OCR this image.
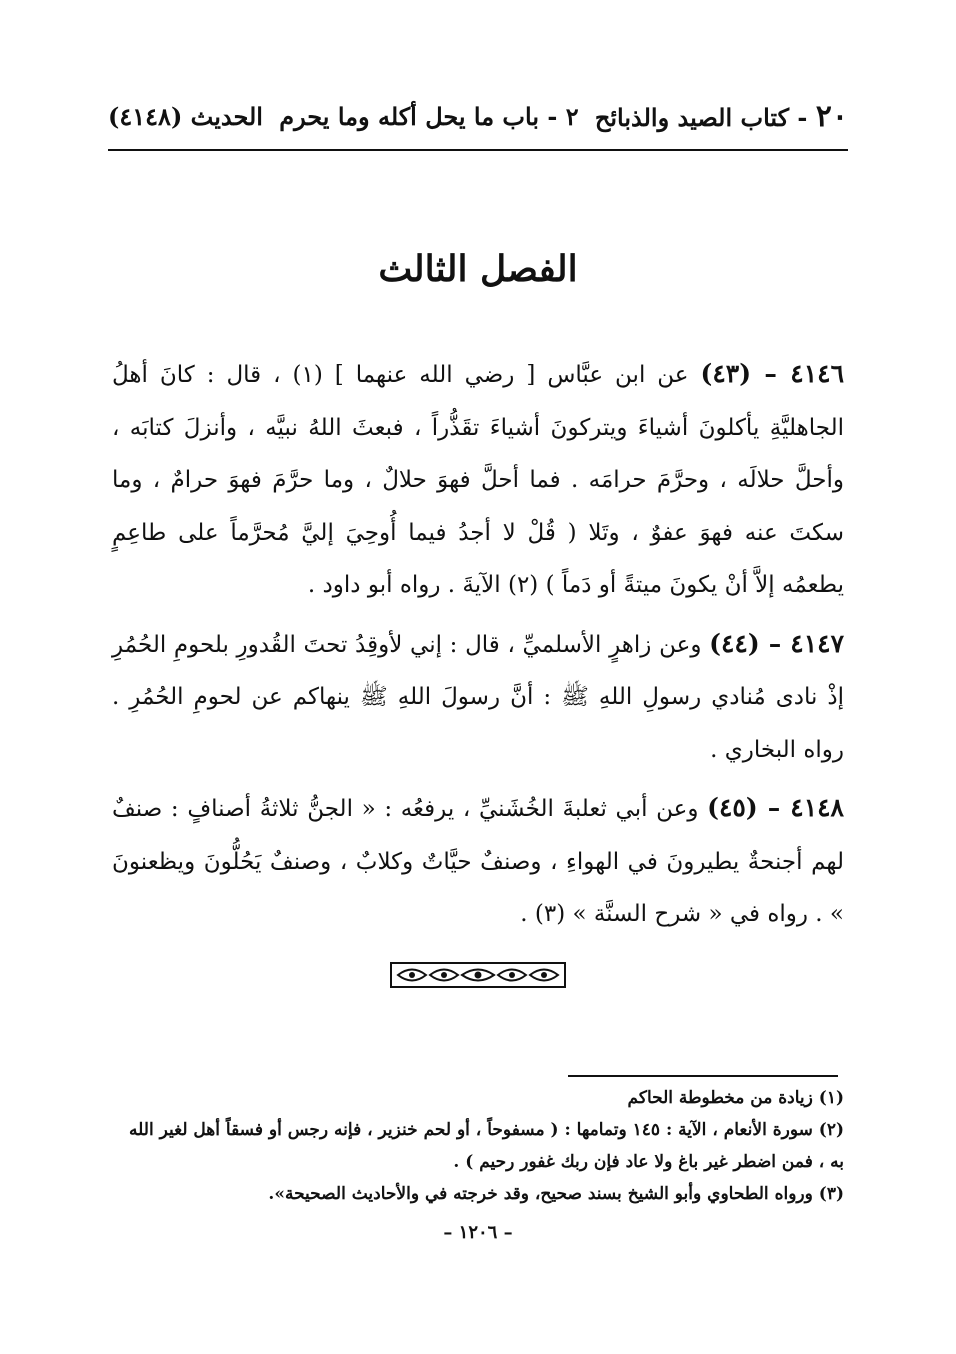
٢٠ - كتاب الصيد والذبائح
٢ - باب ما يحل أكله وما يحرم
الحديث (٤١٤٨)
الفصل الثالث

٤١٤٦ – (٤٣) عن ابن عبَّاس [ رضي الله عنهما ] (١) ، قال : كانَ أهلُ الجاهليَّةِ يأكلونَ أشياءَ ويتركونَ أشياءَ تقَذُّراً ، فبعثَ اللهُ نبيَّه ، وأنزلَ كتابَه ، وأحلَّ حلالَه ، وحرَّمَ حرامَه . فما أحلَّ فهوَ حلالٌ ، وما حرَّمَ فهوَ حرامٌ ، وما سكتَ عنه فهوَ عفوٌ ، وتَلا ( قُلْ لا أجدُ فيما أُوحِيَ إليَّ مُحرَّماً على طاعِمٍ يطعمُه إلاَّ أنْ يكونَ ميتةً أو دَماً ) (٢) الآيةَ . رواه أبو داود .

٤١٤٧ – (٤٤) وعن زاهرٍ الأسلميِّ ، قال : إني لأوقِدُ تحتَ القُدورِ بلحومِ الحُمُرِ إذْ نادى مُنادي رسولِ اللهِ ﷺ : أنَّ رسولَ اللهِ ﷺ ينهاكم عن لحومِ الحُمُرِ . رواه البخاري .

٤١٤٨ – (٤٥) وعن أبي ثعلبةَ الخُشَنيِّ ، يرفعُه : « الجنُّ ثلاثةُ أصنافٍ : صنفٌ لهم أجنحةٌ يطيرونَ في الهواءِ ، وصنفٌ حيَّاتٌ وكلابٌ ، وصنفٌ يَحُلُّونَ ويظعنونَ » . رواه في « شرح السنَّة » (٣) .

(١) زيادة من مخطوطة الحاكم

(٢) سورة الأنعام ، الآية : ١٤٥ وتمامها : ( مسفوحاً ، أو لحم خنزير ، فإنه رجس أو فسقاً أهل لغير الله به ، فمن اضطر غير باغ ولا عاد فإن ربك غفور رحيم ) .

(٣) ورواه الطحاوي وأبو الشيخ بسند صحيح، وقد خرجته في والأحاديث الصحيحة».

– ١٢٠٦ –
